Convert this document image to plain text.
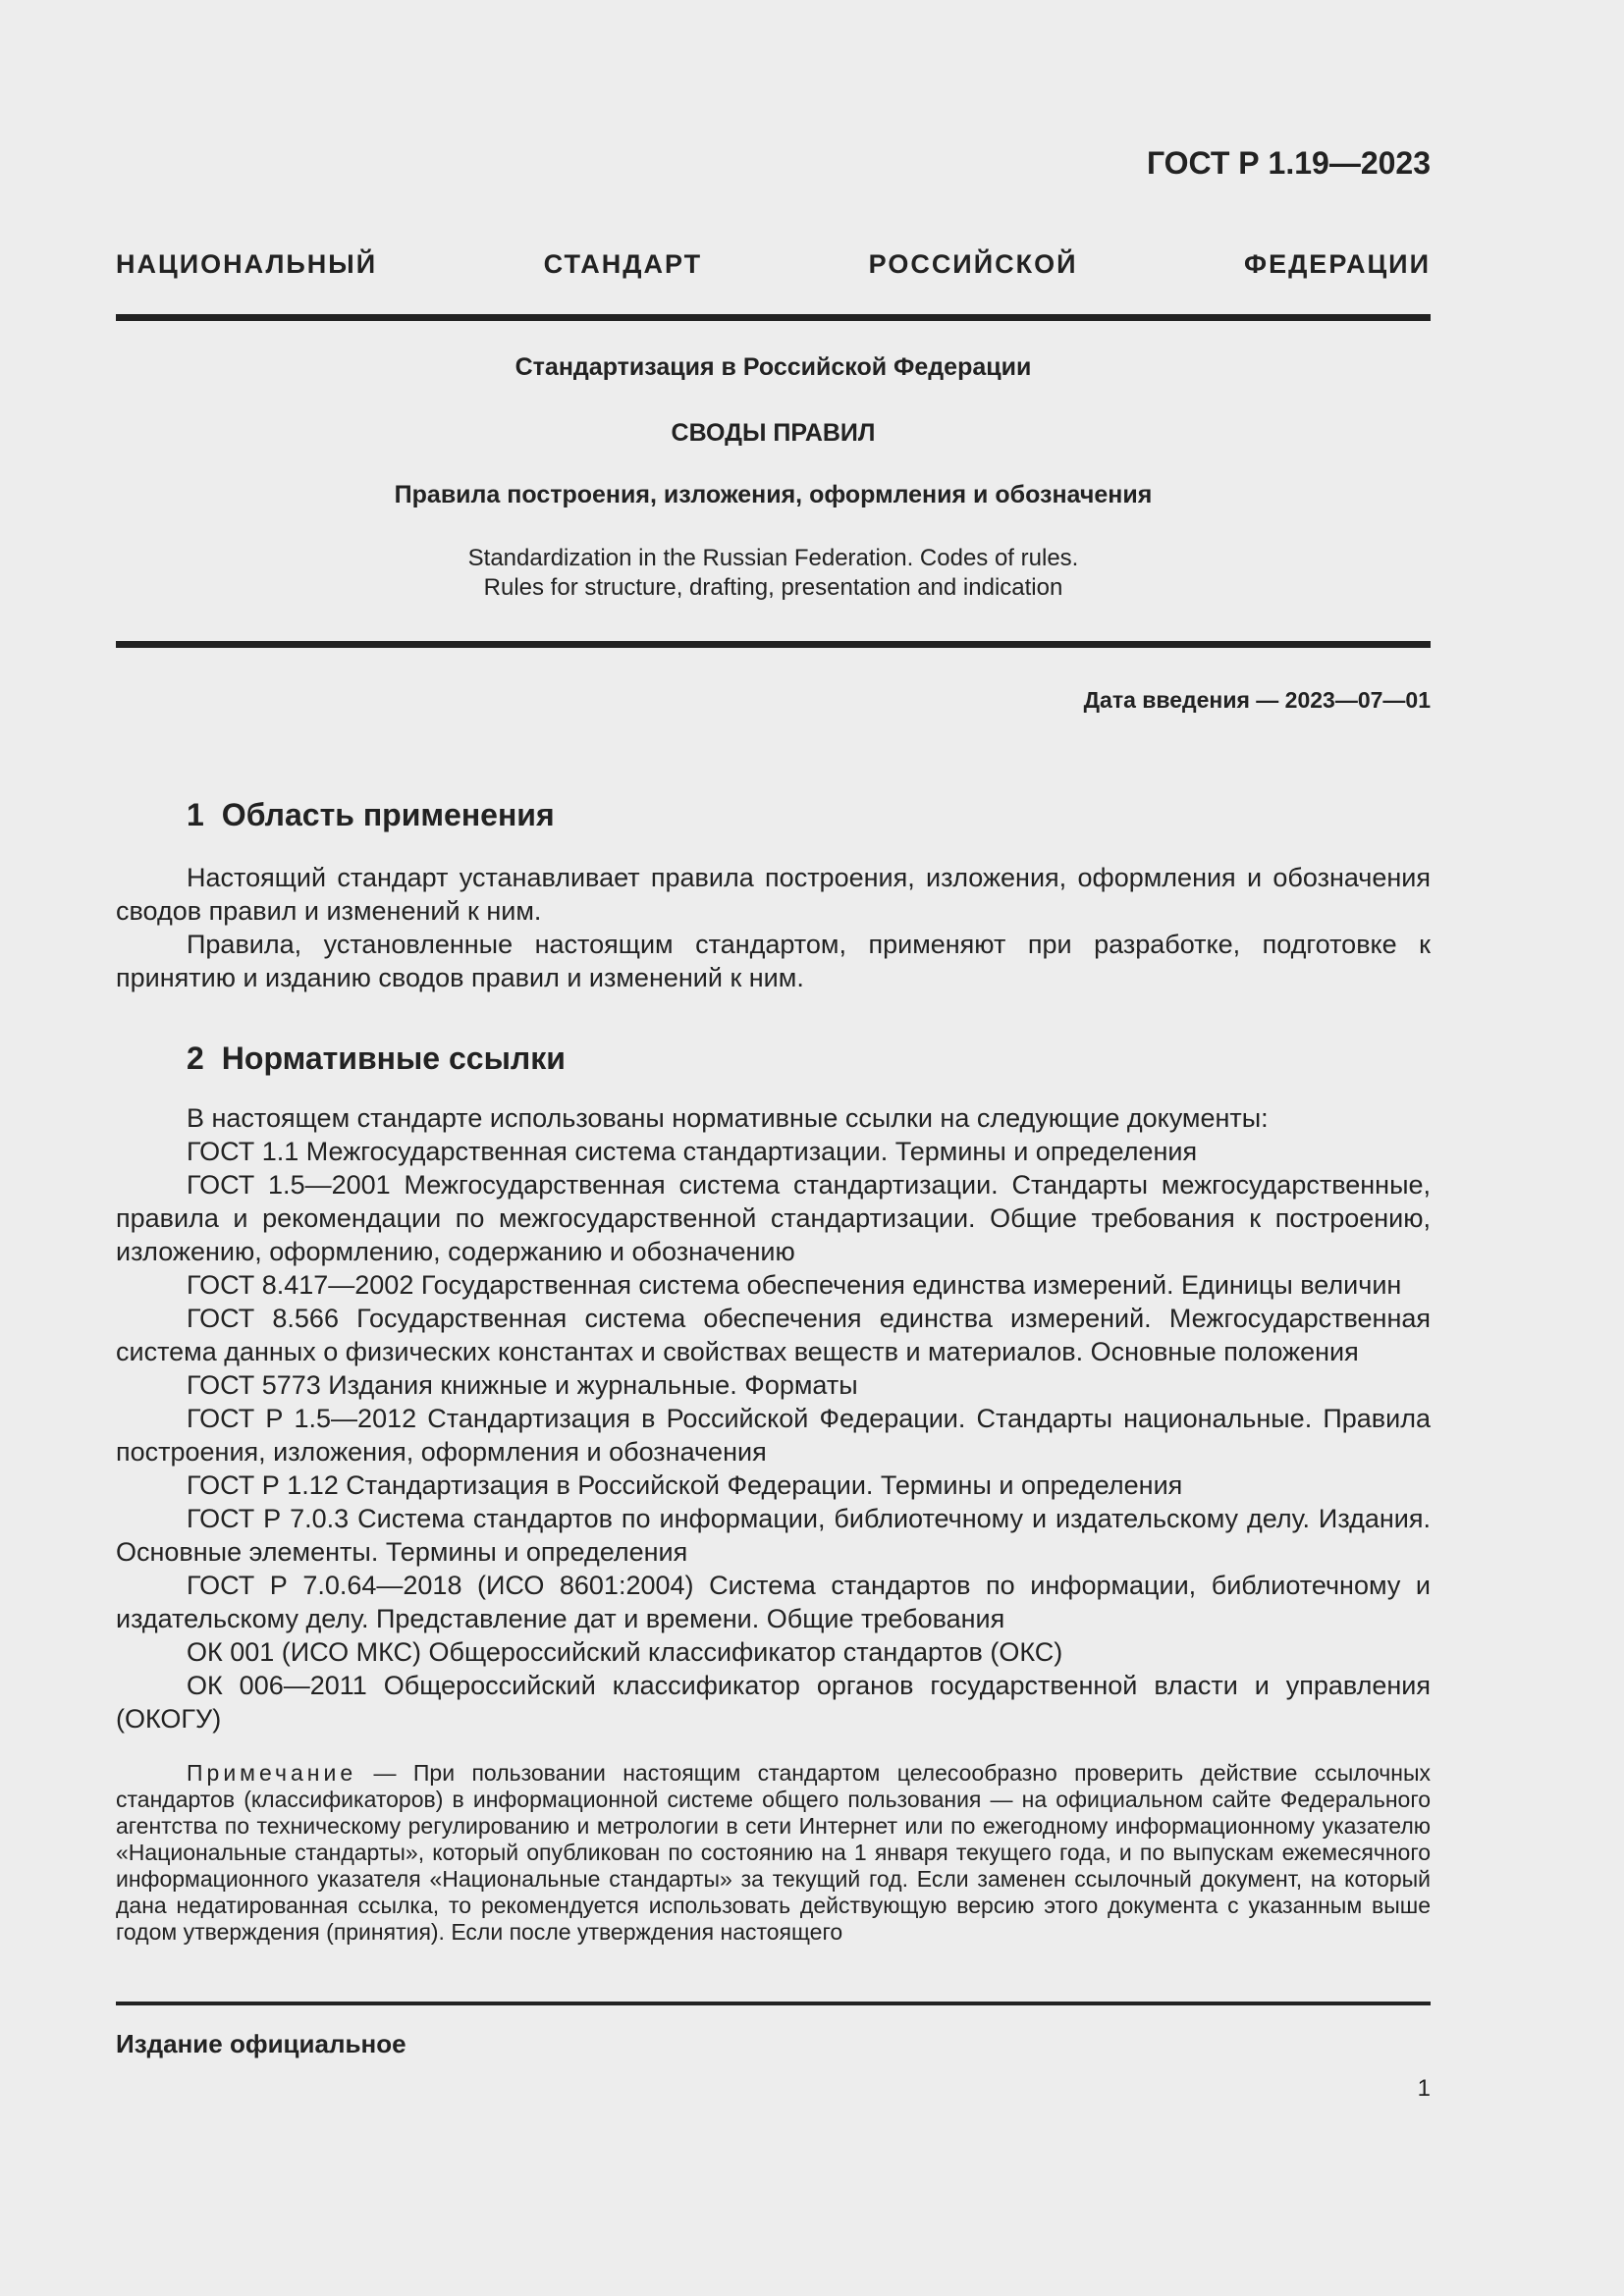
ГОСТ Р 1.19—2023
НАЦИОНАЛЬНЫЙ СТАНДАРТ РОССИЙСКОЙ ФЕДЕРАЦИИ
Стандартизация в Российской Федерации
СВОДЫ ПРАВИЛ
Правила построения, изложения, оформления и обозначения
Standardization in the Russian Federation. Codes of rules.
Rules for structure, drafting, presentation and indication
Дата введения — 2023—07—01
1 Область применения

Настоящий стандарт устанавливает правила построения, изложения, оформления и обозначения сводов правил и изменений к ним.

Правила, установленные настоящим стандартом, применяют при разработке, подготовке к принятию и изданию сводов правил и изменений к ним.

2 Нормативные ссылки

В настоящем стандарте использованы нормативные ссылки на следующие документы:

ГОСТ 1.1 Межгосударственная система стандартизации. Термины и определения

ГОСТ 1.5—2001 Межгосударственная система стандартизации. Стандарты межгосударственные, правила и рекомендации по межгосударственной стандартизации. Общие требования к построению, изложению, оформлению, содержанию и обозначению

ГОСТ 8.417—2002 Государственная система обеспечения единства измерений. Единицы величин

ГОСТ 8.566 Государственная система обеспечения единства измерений. Межгосударственная система данных о физических константах и свойствах веществ и материалов. Основные положения

ГОСТ 5773 Издания книжные и журнальные. Форматы

ГОСТ Р 1.5—2012 Стандартизация в Российской Федерации. Стандарты национальные. Правила построения, изложения, оформления и обозначения

ГОСТ Р 1.12 Стандартизация в Российской Федерации. Термины и определения

ГОСТ Р 7.0.3 Система стандартов по информации, библиотечному и издательскому делу. Издания. Основные элементы. Термины и определения

ГОСТ Р 7.0.64—2018 (ИСО 8601:2004) Система стандартов по информации, библиотечному и издательскому делу. Представление дат и времени. Общие требования

ОК 001 (ИСО МКС) Общероссийский классификатор стандартов (ОКС)

ОК 006—2011 Общероссийский классификатор органов государственной власти и управления (ОКОГУ)

Примечание — При пользовании настоящим стандартом целесообразно проверить действие ссылочных стандартов (классификаторов) в информационной системе общего пользования — на официальном сайте Федерального агентства по техническому регулированию и метрологии в сети Интернет или по ежегодному информационному указателю «Национальные стандарты», который опубликован по состоянию на 1 января текущего года, и по выпускам ежемесячного информационного указателя «Национальные стандарты» за текущий год. Если заменен ссылочный документ, на который дана недатированная ссылка, то рекомендуется использовать действующую версию этого документа с указанным выше годом утверждения (принятия). Если после утверждения настоящего

Издание официальное
1
